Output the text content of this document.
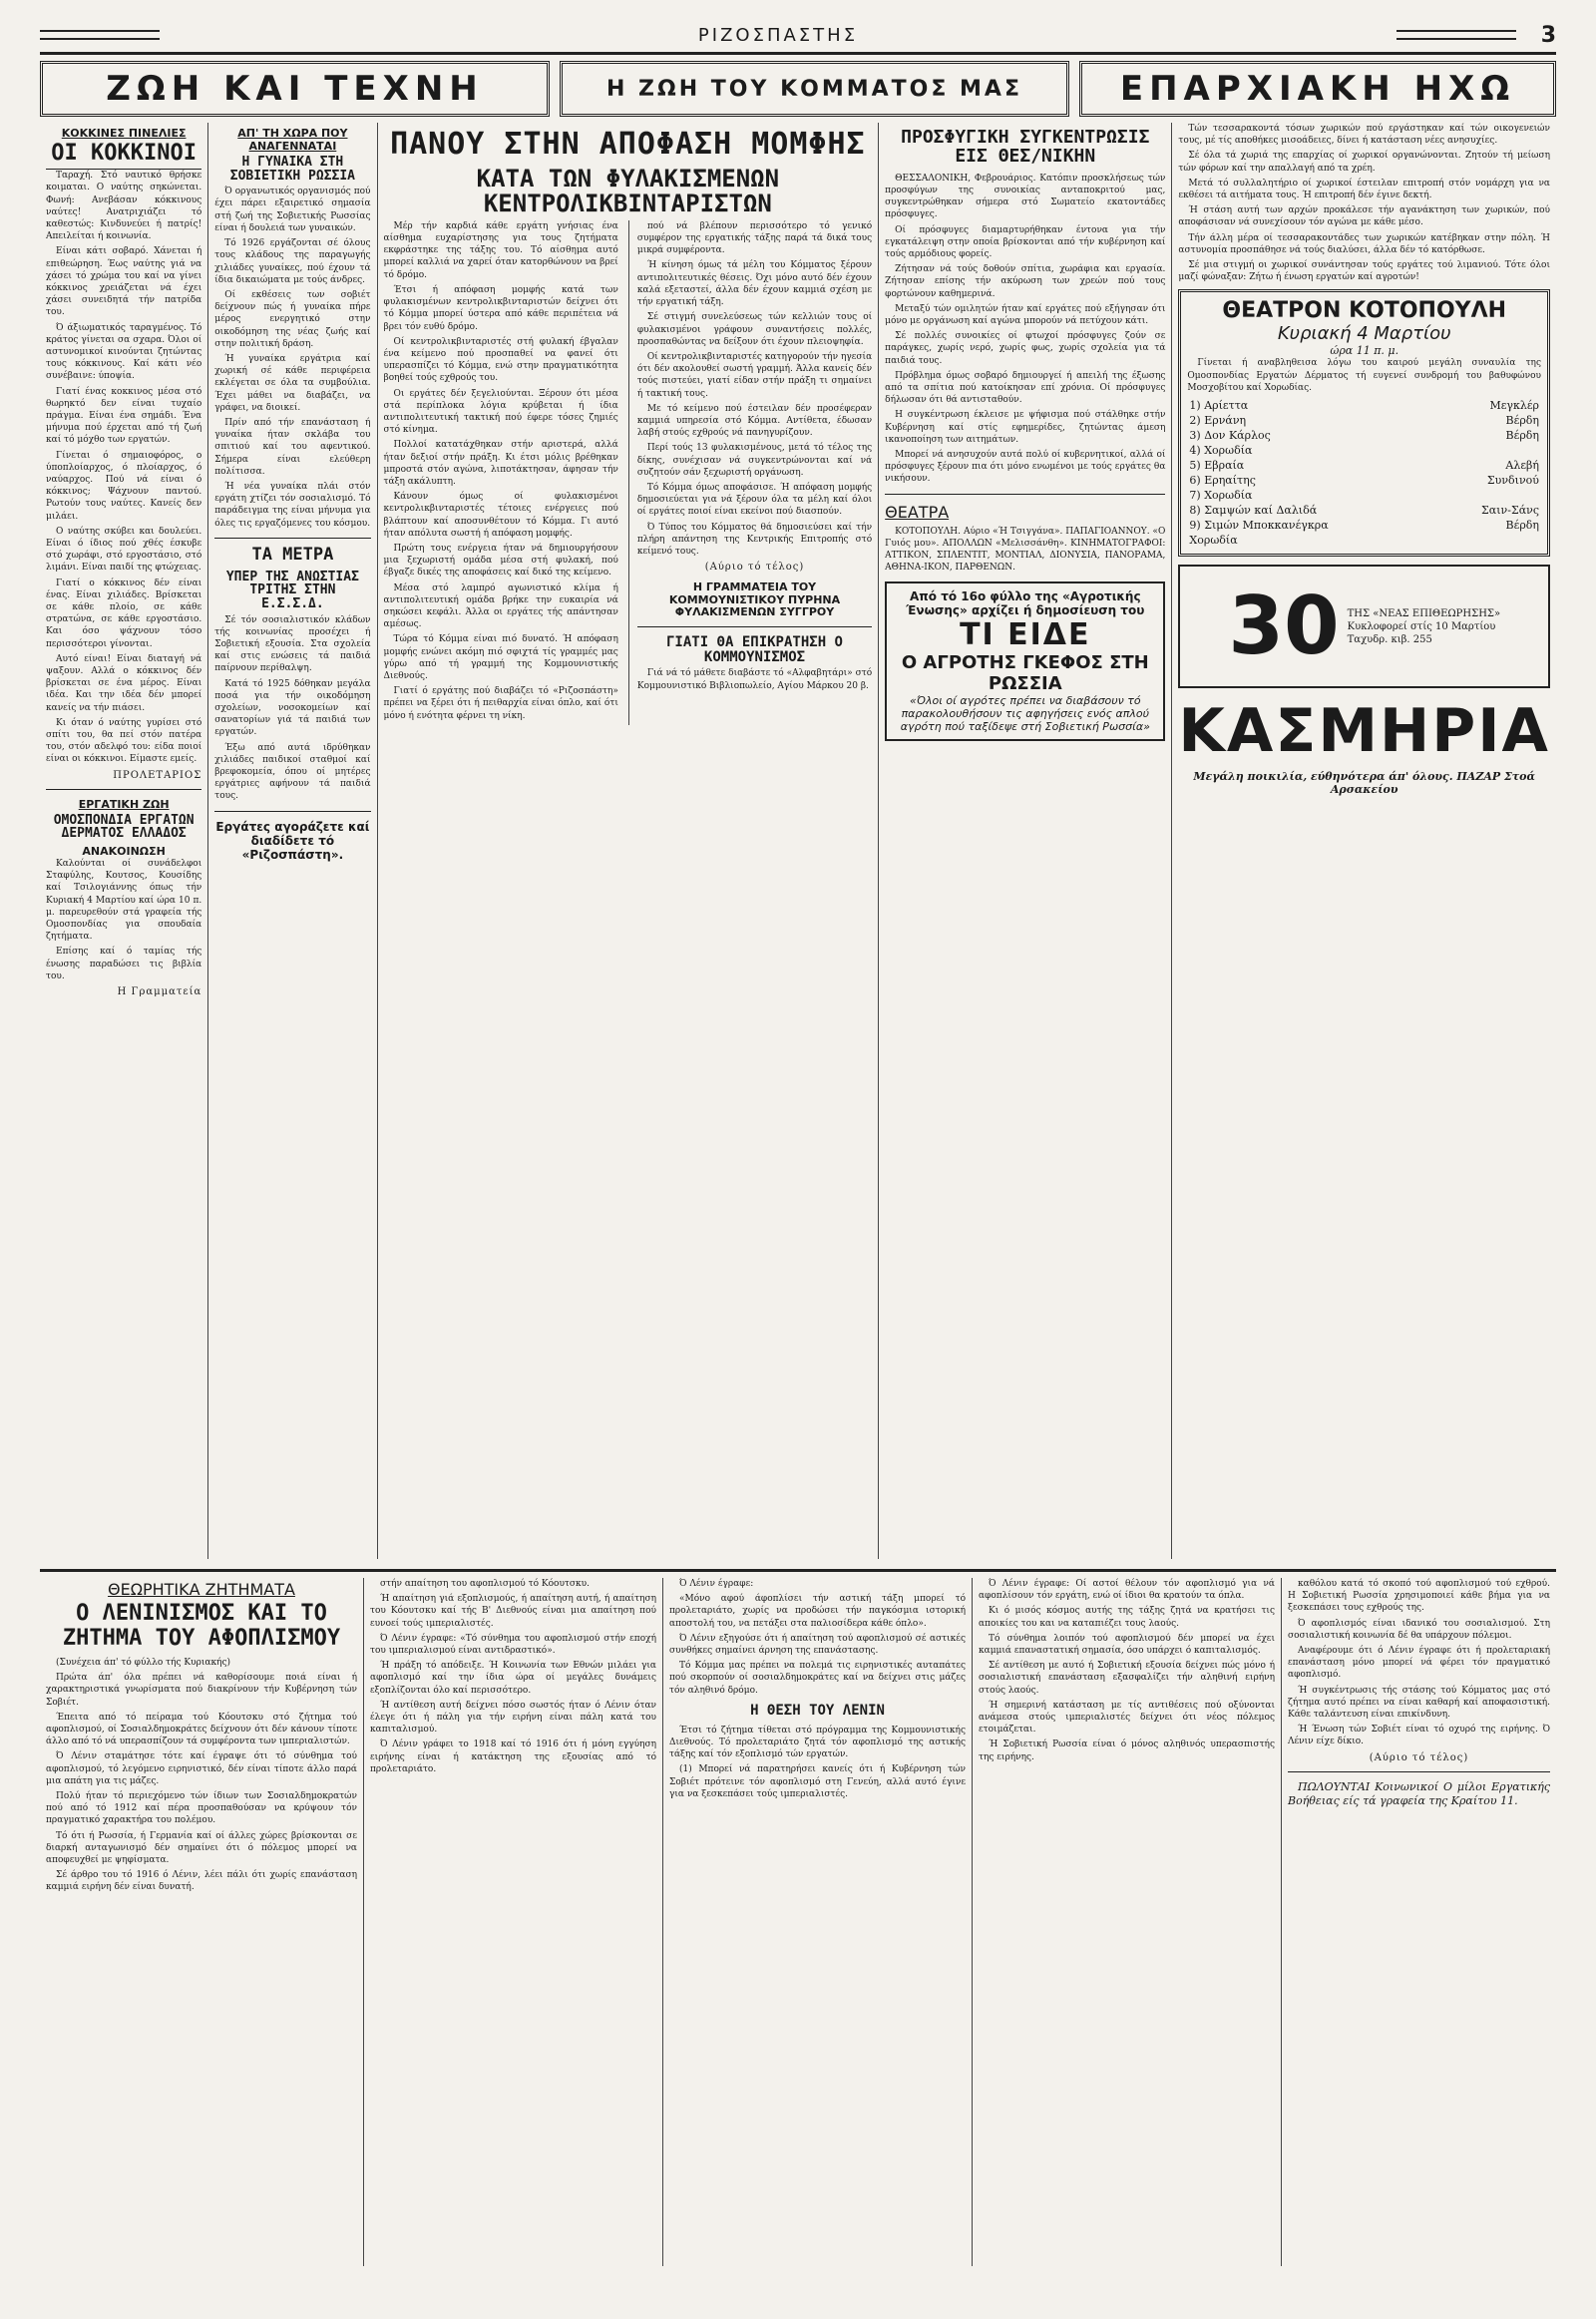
ΡΙΖΟΣΠΑΣΤΗΣ	3
ΖΩΗ ΚΑΙ ΤΕΧΝΗ	Η ΖΩΗ ΤΟΥ ΚΟΜΜΑΤΟΣ ΜΑΣ	ΕΠΑΡΧΙΑΚΗ ΗΧΩ
ΚΟΚΚΙΝΕΣ ΠΙΝΕΛΙΕΣ
ΟΙ ΚΟΚΚΙΝΟΙ

Ταραχή. Στό ναυτικό θρήσκε κοιμαται. Ο ναύτης σηκώνεται. Φωνή: Ανεβάσαν κόκκινους ναύτες! Ανατριχιάζει τό καθεστώς: Κινδυνεύει ή πατρίς! Απειλείται ή κοινωνία.

Είναι κάτι σοβαρό. Χάνεται ή επιθεώρηση. Έως ναύτης γιά να χάσει τό χρώμα του καί να γίνει κόκκινος χρειάζεται νά έχει χάσει συνειδητά τήν πατρίδα του.

Ό άξιωματικός ταραγμένος. Τό κράτος γίνεται σα σχαρα. Όλοι οί αστυνομικοί κινούνται ζητώντας τους κόκκινους. Καί κάτι νέο συνέβαινε: ύποψία.

Γιατί ένας κοκκινος μέσα στό θωρηκτό δεν είναι τυχαίο πράγμα. Είναι ένα σημάδι. Ένα μήνυμα πού έρχεται από τή ζωή καί τό μόχθο των εργατών.

Γίνεται ό σημαιοφόρος, ο ύποπλοίαρχος, ό πλοίαρχος, ό ναύαρχος. Πού νά είναι ό κόκκινος; Ψάχνουν παντού. Ρωτούν τους ναύτες. Κανείς δεν μιλάει.

Ο ναύτης σκύβει και δουλεύει. Είναι ό ίδιος πού χθές έσκυβε στό χωράφι, στό εργοστάσιο, στό λιμάνι. Είναι παιδί της φτώχειας.

Γιατί ο κόκκινος δέν είναι ένας. Είναι χιλιάδες. Βρίσκεται σε κάθε πλοίο, σε κάθε στρατώνα, σε κάθε εργοστάσιο. Και όσο ψάχνουν τόσο περισσότεροι γίνονται.

Αυτό είναι! Είναι διαταγή νά ψαξουν. Αλλά ο κόκκινος δέν βρίσκεται σε ένα μέρος. Είναι ιδέα. Και την ιδέα δέν μπορεί κανείς να τήν πιάσει.

Κι όταν ό ναύτης γυρίσει στό σπίτι του, θα πεί στόν πατέρα του, στόν αδελφό του: είδα ποιοί είναι οι κόκκινοι. Είμαστε εμείς.

ΠΡΟΛΕΤΑΡΙΟΣ
ΕΡΓΑΤΙΚΗ ΖΩΗ
ΟΜΟΣΠΟΝΔΙΑ ΕΡΓΑΤΩΝ ΔΕΡΜΑΤΟΣ ΕΛΛΑΔΟΣ
ΑΝΑΚΟΙΝΩΣΗ

Καλούνται οί συνάδελφοι Σταφύλης, Κουτσος, Κουσίδης καί Τσιλογιάννης όπως τήν Κυριακή 4 Μαρτίου καί ώρα 10 π. μ. παρευρεθούν στά γραφεία τής Ομοσπονδίας για σπουδαία ζητήματα.

Επίσης καί ό ταμίας τής ένωσης παραδώσει τις βιβλία του.

Η Γραμματεία
ΑΠ' ΤΗ ΧΩΡΑ ΠΟΥ ΑΝΑΓΕΝΝΑΤΑΙ
Η ΓΥΝΑΙΚΑ ΣΤΗ ΣΟΒΙΕΤΙΚΗ ΡΩΣΣΙΑ

Ό οργανωτικός οργανισμός πού έχει πάρει εξαιρετικό σημασία στή ζωή της Σοβιετικής Ρωσσίας είναι ή δουλειά των γυναικών.

Τό 1926 εργάζονται σέ όλους τους κλάδους της παραγωγής χιλιάδες γυναίκες, πού έχουν τά ίδια δικαιώματα με τούς άνδρες.

Οί εκθέσεις των σοβιέτ δείχνουν πώς ή γυναίκα πήρε μέρος ενεργητικό στην οικοδόμηση της νέας ζωής καί στην πολιτική δράση.

Ή γυναίκα εργάτρια καί χωρική σέ κάθε περιφέρεια εκλέγεται σε όλα τα συμβούλια. Έχει μάθει να διαβάζει, να γράφει, να διοικεί.

Πρίν από τήν επανάσταση ή γυναίκα ήταν σκλάβα του σπιτιού καί του αφεντικού. Σήμερα είναι ελεύθερη πολίτισσα.

Ή νέα γυναίκα πλάι στόν εργάτη χτίζει τόν σοσιαλισμό. Τό παράδειγμα της είναι μήνυμα για όλες τις εργαζόμενες του κόσμου.

ΤΑ ΜΕΤΡΑ
ΥΠΕΡ ΤΗΣ ΑΝΩΣΤΙΑΣ ΤΡΙΤΗΣ ΣΤΗΝ Ε.Σ.Σ.Δ.

Σέ τόν σοσιαλιστικόν κλάδων τής κοινωνίας προσέχει ή Σοβιετική εξουσία. Στα σχολεία καί στις ενώσεις τά παιδιά παίρνουν περίθαλψη.

Κατά τό 1925 δόθηκαν μεγάλα ποσά για τήν οικοδόμηση σχολείων, νοσοκομείων καί σανατορίων γιά τά παιδιά των εργατών.

Έξω από αυτά ιδρύθηκαν χιλιάδες παιδικοί σταθμοί καί βρεφοκομεία, όπου οί μητέρες εργάτριες αφήνουν τά παιδιά τους.

Εργάτες αγοράζετε καί διαδίδετε τό «Ριζοσπάστη».
ΠΑΝΟΥ ΣΤΗΝ ΑΠΟΦΑΣΗ ΜΟΜΦΗΣ
ΚΑΤΑ ΤΩΝ ΦΥΛΑΚΙΣΜΕΝΩΝ ΚΕΝΤΡΟΛΙΚΒΙΝΤΑΡΙΣΤΩΝ

Μέρ τήν καρδιά κάθε εργάτη γνήσιας ένα αίσθημα ευχαρίστησης για τους ζητήματα εκφράστηκε της τάξης του. Τό αίσθημα αυτό μπορεί καλλιά να χαρεί όταν κατορθώνουν να βρεί τό δρόμο.

Έτσι ή απόφαση μομφής κατά των φυλακισμένων κεντρολικβινταριστών δείχνει ότι τό Κόμμα μπορεί ύστερα από κάθε περιπέτεια νά βρει τόν ευθύ δρόμο.

Οί κεντρολικβινταριστές στή φυλακή έβγαλαν ένα κείμενο πού προσπαθεί να φανεί ότι υπερασπίζει τό Κόμμα, ενώ στην πραγματικότητα βοηθεί τούς εχθρούς του.

Οι εργάτες δέν ξεγελιούνται. Ξέρουν ότι μέσα στά περίπλοκα λόγια κρύβεται ή ίδια αντιπολιτευτική τακτική πού έφερε τόσες ζημιές στό κίνημα.

Πολλοί κατατάχθηκαν στήν αριστερά, αλλά ήταν δεξιοί στήν πράξη. Κι έτσι μόλις βρέθηκαν μπροστά στόν αγώνα, λιποτάκτησαν, άφησαν τήν τάξη ακάλυπτη.

Κάνουν όμως οί φυλακισμένοι κεντρολικβινταριστές τέτοιες ενέργειες πού βλάπτουν καί αποσυνθέτουν τό Κόμμα. Γι αυτό ήταν απόλυτα σωστή ή απόφαση μομφής.

Πρώτη τους ενέργεια ήταν νά δημιουργήσουν μια ξεχωριστή ομάδα μέσα στή φυλακή, πού έβγαζε δικές της αποφάσεις καί δικό της κείμενο.

Μέσα στό λαμπρό αγωνιστικό κλίμα ή αντιπολιτευτική ομάδα βρήκε την ευκαιρία νά σηκώσει κεφάλι. Άλλα οι εργάτες τής απάντησαν αμέσως.

Τώρα τό Κόμμα είναι πιό δυνατό. Ή απόφαση μομφής ενώνει ακόμη πιό σφιχτά τίς γραμμές μας γύρω από τή γραμμή της Κομμουνιστικής Διεθνούς.

Γιατί ό εργάτης πού διαβάζει τό «Ριζοσπάστη» πρέπει να ξέρει ότι ή πειθαρχία είναι όπλο, καί ότι μόνο ή ενότητα φέρνει τη νίκη.

πού νά βλέπουν περισσότερο τό γενικό συμφέρον της εργατικής τάξης παρά τά δικά τους μικρά συμφέροντα.

Ή κίνηση όμως τά μέλη του Κόμματος ξέρουν αντιπολιτευτικές θέσεις. Όχι μόνο αυτό δέν έχουν καλά εξεταστεί, άλλα δέν έχουν καμμιά σχέση με τήν εργατική τάξη.

Σέ στιγμή συνελεύσεως τών κελλιών τους οί φυλακισμένοι γράφουν συναντήσεις πολλές, προσπαθώντας να δείξουν ότι έχουν πλειοψηφία.

Οί κεντρολικβινταριστές κατηγορούν τήν ηγεσία ότι δέν ακολουθεί σωστή γραμμή. Άλλα κανείς δέν τούς πιστεύει, γιατί είδαν στήν πράξη τι σημαίνει ή τακτική τους.

Με τό κείμενο πού έστειλαν δέν προσέφεραν καμμιά υπηρεσία στό Κόμμα. Αντίθετα, έδωσαν λαβή στούς εχθρούς νά πανηγυρίζουν.

Περί τούς 13 φυλακισμένους, μετά τό τέλος της δίκης, συνέχισαν νά συγκεντρώνονται καί νά συζητούν σάν ξεχωριστή οργάνωση.

Τό Κόμμα όμως αποφάσισε. Ή απόφαση μομφής δημοσιεύεται για νά ξέρουν όλα τα μέλη καί όλοι οί εργάτες ποιοί είναι εκείνοι πού διασπούν.

Ό Τύπος του Κόμματος θά δημοσιεύσει καί τήν πλήρη απάντηση της Κεντρικής Επιτροπής στό κείμενό τους.

(Αύριο τό τέλος)
Η ΓΡΑΜΜΑΤΕΙΑ ΤΟΥ ΚΟΜΜΟΥΝΙΣΤΙΚΟΥ ΠΥΡΗΝΑ ΦΥΛΑΚΙΣΜΕΝΩΝ ΣΥΓΓΡΟΥ
ΓΙΑΤΙ ΘΑ ΕΠΙΚΡΑΤΗΣΗ Ο ΚΟΜΜΟΥΝΙΣΜΟΣ

Γιά νά τό μάθετε διαβάστε τό «Αλφαβητάρι» στό Κομμουνιστικό Βιβλιοπωλείο, Αγίου Μάρκου 20 β.

ΠΡΟΣΦΥΓΙΚΗ ΣΥΓΚΕΝΤΡΩΣΙΣ ΕΙΣ ΘΕΣ/ΝΙΚΗΝ

ΘΕΣΣΑΛΟΝΙΚΗ, Φεβρουάριος. Κατόπιν προσκλήσεως τών προσφύγων της συνοικίας ανταποκριτού μας, συγκεντρώθηκαν σήμερα στό Σωματείο εκατοντάδες πρόσφυγες.

Οί πρόσφυγες διαμαρτυρήθηκαν έντονα για τήν εγκατάλειψη στην οποία βρίσκονται από τήν κυβέρνηση καί τούς αρμόδιους φορείς.

Ζήτησαν νά τούς δοθούν σπίτια, χωράφια και εργασία. Ζήτησαν επίσης τήν ακύρωση των χρεών πού τους φορτώνουν καθημερινά.

Μεταξύ τών ομιλητών ήταν καί εργάτες πού εξήγησαν ότι μόνο με οργάνωση καί αγώνα μπορούν νά πετύχουν κάτι.

Σέ πολλές συνοικίες οί φτωχοί πρόσφυγες ζούν σε παράγκες, χωρίς νερό, χωρίς φως, χωρίς σχολεία για τά παιδιά τους.

Πρόβλημα όμως σοβαρό δημιουργεί ή απειλή της έξωσης από τα σπίτια πού κατοίκησαν επί χρόνια. Οί πρόσφυγες δήλωσαν ότι θά αντισταθούν.

Η συγκέντρωση έκλεισε με ψήφισμα πού στάλθηκε στήν Κυβέρνηση καί στίς εφημερίδες, ζητώντας άμεση ικανοποίηση των αιτημάτων.

Μπορεί νά ανησυχούν αυτά πολύ οί κυβερνητικοί, αλλά οί πρόσφυγες ξέρουν πια ότι μόνο ενωμένοι με τούς εργάτες θα νικήσουν.

ΘΕΑΤΡΑ

ΚΟΤΟΠΟΥΛΗ. Αύριο «Ή Τσιγγάνα». ΠΑΠΑΓΙΟΑΝΝΟΥ. «Ο Γυιός μου». ΑΠΟΛΛΩΝ «Μελισσάνθη». ΚΙΝΗΜΑΤΟΓΡΑΦΟΙ: ΑΤΤΙΚΟΝ, ΣΠΛΕΝΤΙΤ, ΜΟΝΤΙΑΛ, ΔΙΟΝΥΣΙΑ, ΠΑΝΟΡΑΜΑ, ΑΘΗΝΑ-ΙΚΟΝ, ΠΑΡΘΕΝΩΝ.

Από τό 16ο φύλλο της «Αγροτικής Ένωσης» αρχίζει ή δημοσίευση του
ΤΙ ΕΙΔΕ
Ο ΑΓΡΟΤΗΣ ΓΚΕΦΟΣ ΣΤΗ ΡΩΣΣΙΑ
«Όλοι οί αγρότες πρέπει να διαβάσουν τό παρακολουθήσουν τις αφηγήσεις ενός απλού αγρότη πού ταξίδεψε στή Σοβιετική Ρωσσία»

Τών τεσσαρακοντά τόσων χωρικών πού εργάστηκαν καί τών οικογενειών τους, μέ τίς αποθήκες μισοάδειες, δίνει ή κατάσταση νέες ανησυχίες.

Σέ όλα τά χωριά της επαρχίας οί χωρικοί οργανώνονται. Ζητούν τή μείωση τών φόρων καί την απαλλαγή από τα χρέη.

Μετά τό συλλαλητήριο οί χωρικοί έστειλαν επιτροπή στόν νομάρχη για να εκθέσει τά αιτήματα τους. Ή επιτροπή δέν έγινε δεκτή.

Ή στάση αυτή των αρχών προκάλεσε τήν αγανάκτηση των χωρικών, πού αποφάσισαν νά συνεχίσουν τόν αγώνα με κάθε μέσο.

Τήν άλλη μέρα οί τεσσαρακοντάδες των χωρικών κατέβηκαν στην πόλη. Ή αστυνομία προσπάθησε νά τούς διαλύσει, άλλα δέν τό κατόρθωσε.

Σέ μια στιγμή οι χωρικοί συνάντησαν τούς εργάτες τού λιμανιού. Τότε όλοι μαζί φώναξαν: Ζήτω ή ένωση εργατών καί αγροτών!

ΘΕΑΤΡΟΝ ΚΟΤΟΠΟΥΛΗ
Κυριακή 4 Μαρτίου
ώρα 11 π. μ.

Γίνεται ή αναβληθεισα λόγω του καιρού μεγάλη συναυλία της Ομοσπονδίας Εργατών Δέρματος τή ευγενεί συνδρομή του βαθυφώνου Μοσχοβίτου καί Χορωδίας.

1) Αρίεττα	Μεγκλέρ
2) Ερνάνη	Βέρδη
3) Δον Κάρλος	Βέρδη
4) Χορωδία	
5) Εβραία	Αλεβή
6) Ερηαίτης	Συνδινού
7) Χορωδία	
8) Σαμψών καί Δαλιδά	Σαιν-Σάνς
9) Σιμών Μποκκανέγκρα	Βέρδη
Χορωδία	
30 ΤΗΣ «ΝΕΑΣ ΕΠΙΘΕΩΡΗΣΗΣ»
Κυκλοφορεί στίς 10 Μαρτίου
Ταχυδρ. κιβ. 255
ΚΑΣΜΗΡΙΑ
Μεγάλη ποικιλία, εύθηνότερα άπ' όλους. ΠΑΖΑΡ Στοά Αρσακείου
ΘΕΩΡΗΤΙΚΑ ΖΗΤΗΜΑΤΑ
Ο ΛΕΝΙΝΙΣΜΟΣ ΚΑΙ ΤΟ ΖΗΤΗΜΑ ΤΟΥ ΑΦΟΠΛΙΣΜΟΥ

(Συνέχεια άπ' τό φύλλο τής Κυριακής)

Πρώτα άπ' όλα πρέπει νά καθορίσουμε ποιά είναι ή χαρακτηριστικά γνωρίσματα πού διακρίνουν τήν Κυβέρνηση τών Σοβιέτ.

Έπειτα από τό πείραμα τού Κόουτσκυ στό ζήτημα τού αφοπλισμού, οί Σοσιαλδημοκράτες δείχνουν ότι δέν κάνουν τίποτε άλλο από τό νά υπερασπίζουν τά συμφέροντα των ιμπεριαλιστών.

Ό Λένιν σταμάτησε τότε καί έγραψε ότι τό σύνθημα τού αφοπλισμού, τό λεγόμενο ειρηνιστικό, δέν είναι τίποτε άλλο παρά μια απάτη για τις μάζες.

Πολύ ήταν τό περιεχόμενο τών ίδιων των Σοσιαλδημοκρατών πού από τό 1912 καί πέρα προσπαθούσαν να κρύψουν τόν πραγματικό χαρακτήρα του πολέμου.

Τό ότι ή Ρωσσία, ή Γερμανία καί οί άλλες χώρες βρίσκονται σε διαρκή ανταγωνισμό δέν σημαίνει ότι ό πόλεμος μπορεί να αποφευχθεί με ψηφίσματα.

Σέ άρθρο του τό 1916 ό Λένιν, λέει πάλι ότι χωρίς επανάσταση καμμιά ειρήνη δέν είναι δυνατή.

στήν απαίτηση του αφοπλισμού τό Κόουτσκυ.

Ή απαίτηση γιά εξοπλισμούς, ή απαίτηση αυτή, ή απαίτηση του Κόουτσκυ καί τής Β' Διεθνούς είναι μια απαίτηση πού ευνοεί τούς ιμπεριαλιστές.

Ό Λένιν έγραφε: «Τό σύνθημα του αφοπλισμού στήν εποχή του ιμπεριαλισμού είναι αντιδραστικό».

Ή πράξη τό απόδειξε. Ή Κοινωνία των Εθνών μιλάει για αφοπλισμό καί την ίδια ώρα οί μεγάλες δυνάμεις εξοπλίζονται όλο καί περισσότερο.

Ή αντίθεση αυτή δείχνει πόσο σωστός ήταν ό Λένιν όταν έλεγε ότι ή πάλη για τήν ειρήνη είναι πάλη κατά του καπιταλισμού.

Ό Λένιν γράφει το 1918 καί τό 1916 ότι ή μόνη εγγύηση ειρήνης είναι ή κατάκτηση της εξουσίας από τό προλεταριάτο.

Ό Λένιν έγραφε:

«Μόνο αφού άφοπλίσει τήν αστική τάξη μπορεί τό προλεταριάτο, χωρίς να προδώσει τήν παγκόσμια ιστορική αποστολή του, να πετάξει στα παλιοσίδερα κάθε όπλο».

Ό Λένιν εξηγούσε ότι ή απαίτηση τού αφοπλισμού σέ αστικές συνθήκες σημαίνει άρνηση της επανάστασης.

Τό Κόμμα μας πρέπει να πολεμά τις ειρηνιστικές αυταπάτες πού σκορπούν οί σοσιαλδημοκράτες καί να δείχνει στις μάζες τόν αληθινό δρόμο.

Η ΘΕΣΗ ΤΟΥ ΛΕΝΙΝ

Έτσι τό ζήτημα τίθεται στό πρόγραμμα της Κομμουνιστικής Διεθνούς. Τό προλεταριάτο ζητά τόν αφοπλισμό της αστικής τάξης καί τόν εξοπλισμό τών εργατών.

(1) Μπορεί νά παρατηρήσει κανείς ότι ή Κυβέρνηση τών Σοβιέτ πρότεινε τόν αφοπλισμό στη Γενεύη, αλλά αυτό έγινε για να ξεσκεπάσει τούς ιμπεριαλιστές.

Ό Λένιν έγραφε: Οί αστοί θέλουν τόν αφοπλισμό για νά αφοπλίσουν τόν εργάτη, ενώ οί ίδιοι θα κρατούν τα όπλα.

Κι ό μισός κόσμος αυτής της τάξης ζητά να κρατήσει τις αποικίες του και να καταπιέζει τους λαούς.

Τό σύνθημα λοιπόν τού αφοπλισμού δέν μπορεί να έχει καμμιά επαναστατική σημασία, όσο υπάρχει ό καπιταλισμός.

Σέ αντίθεση με αυτό ή Σοβιετική εξουσία δείχνει πώς μόνο ή σοσιαλιστική επανάσταση εξασφαλίζει τήν αληθινή ειρήνη στούς λαούς.

Ή σημερινή κατάσταση με τίς αντιθέσεις πού οξύνονται ανάμεσα στούς ιμπεριαλιστές δείχνει ότι νέος πόλεμος ετοιμάζεται.

Ή Σοβιετική Ρωσσία είναι ό μόνος αληθινός υπερασπιστής της ειρήνης.

καθόλου κατά τό σκοπό τού αφοπλισμού τού εχθρού. Η Σοβιετική Ρωσσία χρησιμοποιεί κάθε βήμα για να ξεσκεπάσει τους εχθρούς της.

Ό αφοπλισμός είναι ιδανικό του σοσιαλισμού. Στη σοσιαλιστική κοινωνία δέ θα υπάρχουν πόλεμοι.

Αναφέρουμε ότι ό Λένιν έγραφε ότι ή προλεταριακή επανάσταση μόνο μπορεί νά φέρει τόν πραγματικό αφοπλισμό.

Ή συγκέντρωσις τής στάσης τού Κόμματος μας στό ζήτημα αυτό πρέπει να είναι καθαρή καί αποφασιστική. Κάθε ταλάντευση είναι επικίνδυνη.

Ή Ένωση τών Σοβιέτ είναι τό οχυρό της ειρήνης. Ό Λένιν είχε δίκιο.

(Αύριο τό τέλος)

ΠΩΛΟΥΝΤΑΙ Κοινωνικοί Ο μίλοι Εργατικής Βοήθειας είς τά γραφεία της Κραίτου 11.
